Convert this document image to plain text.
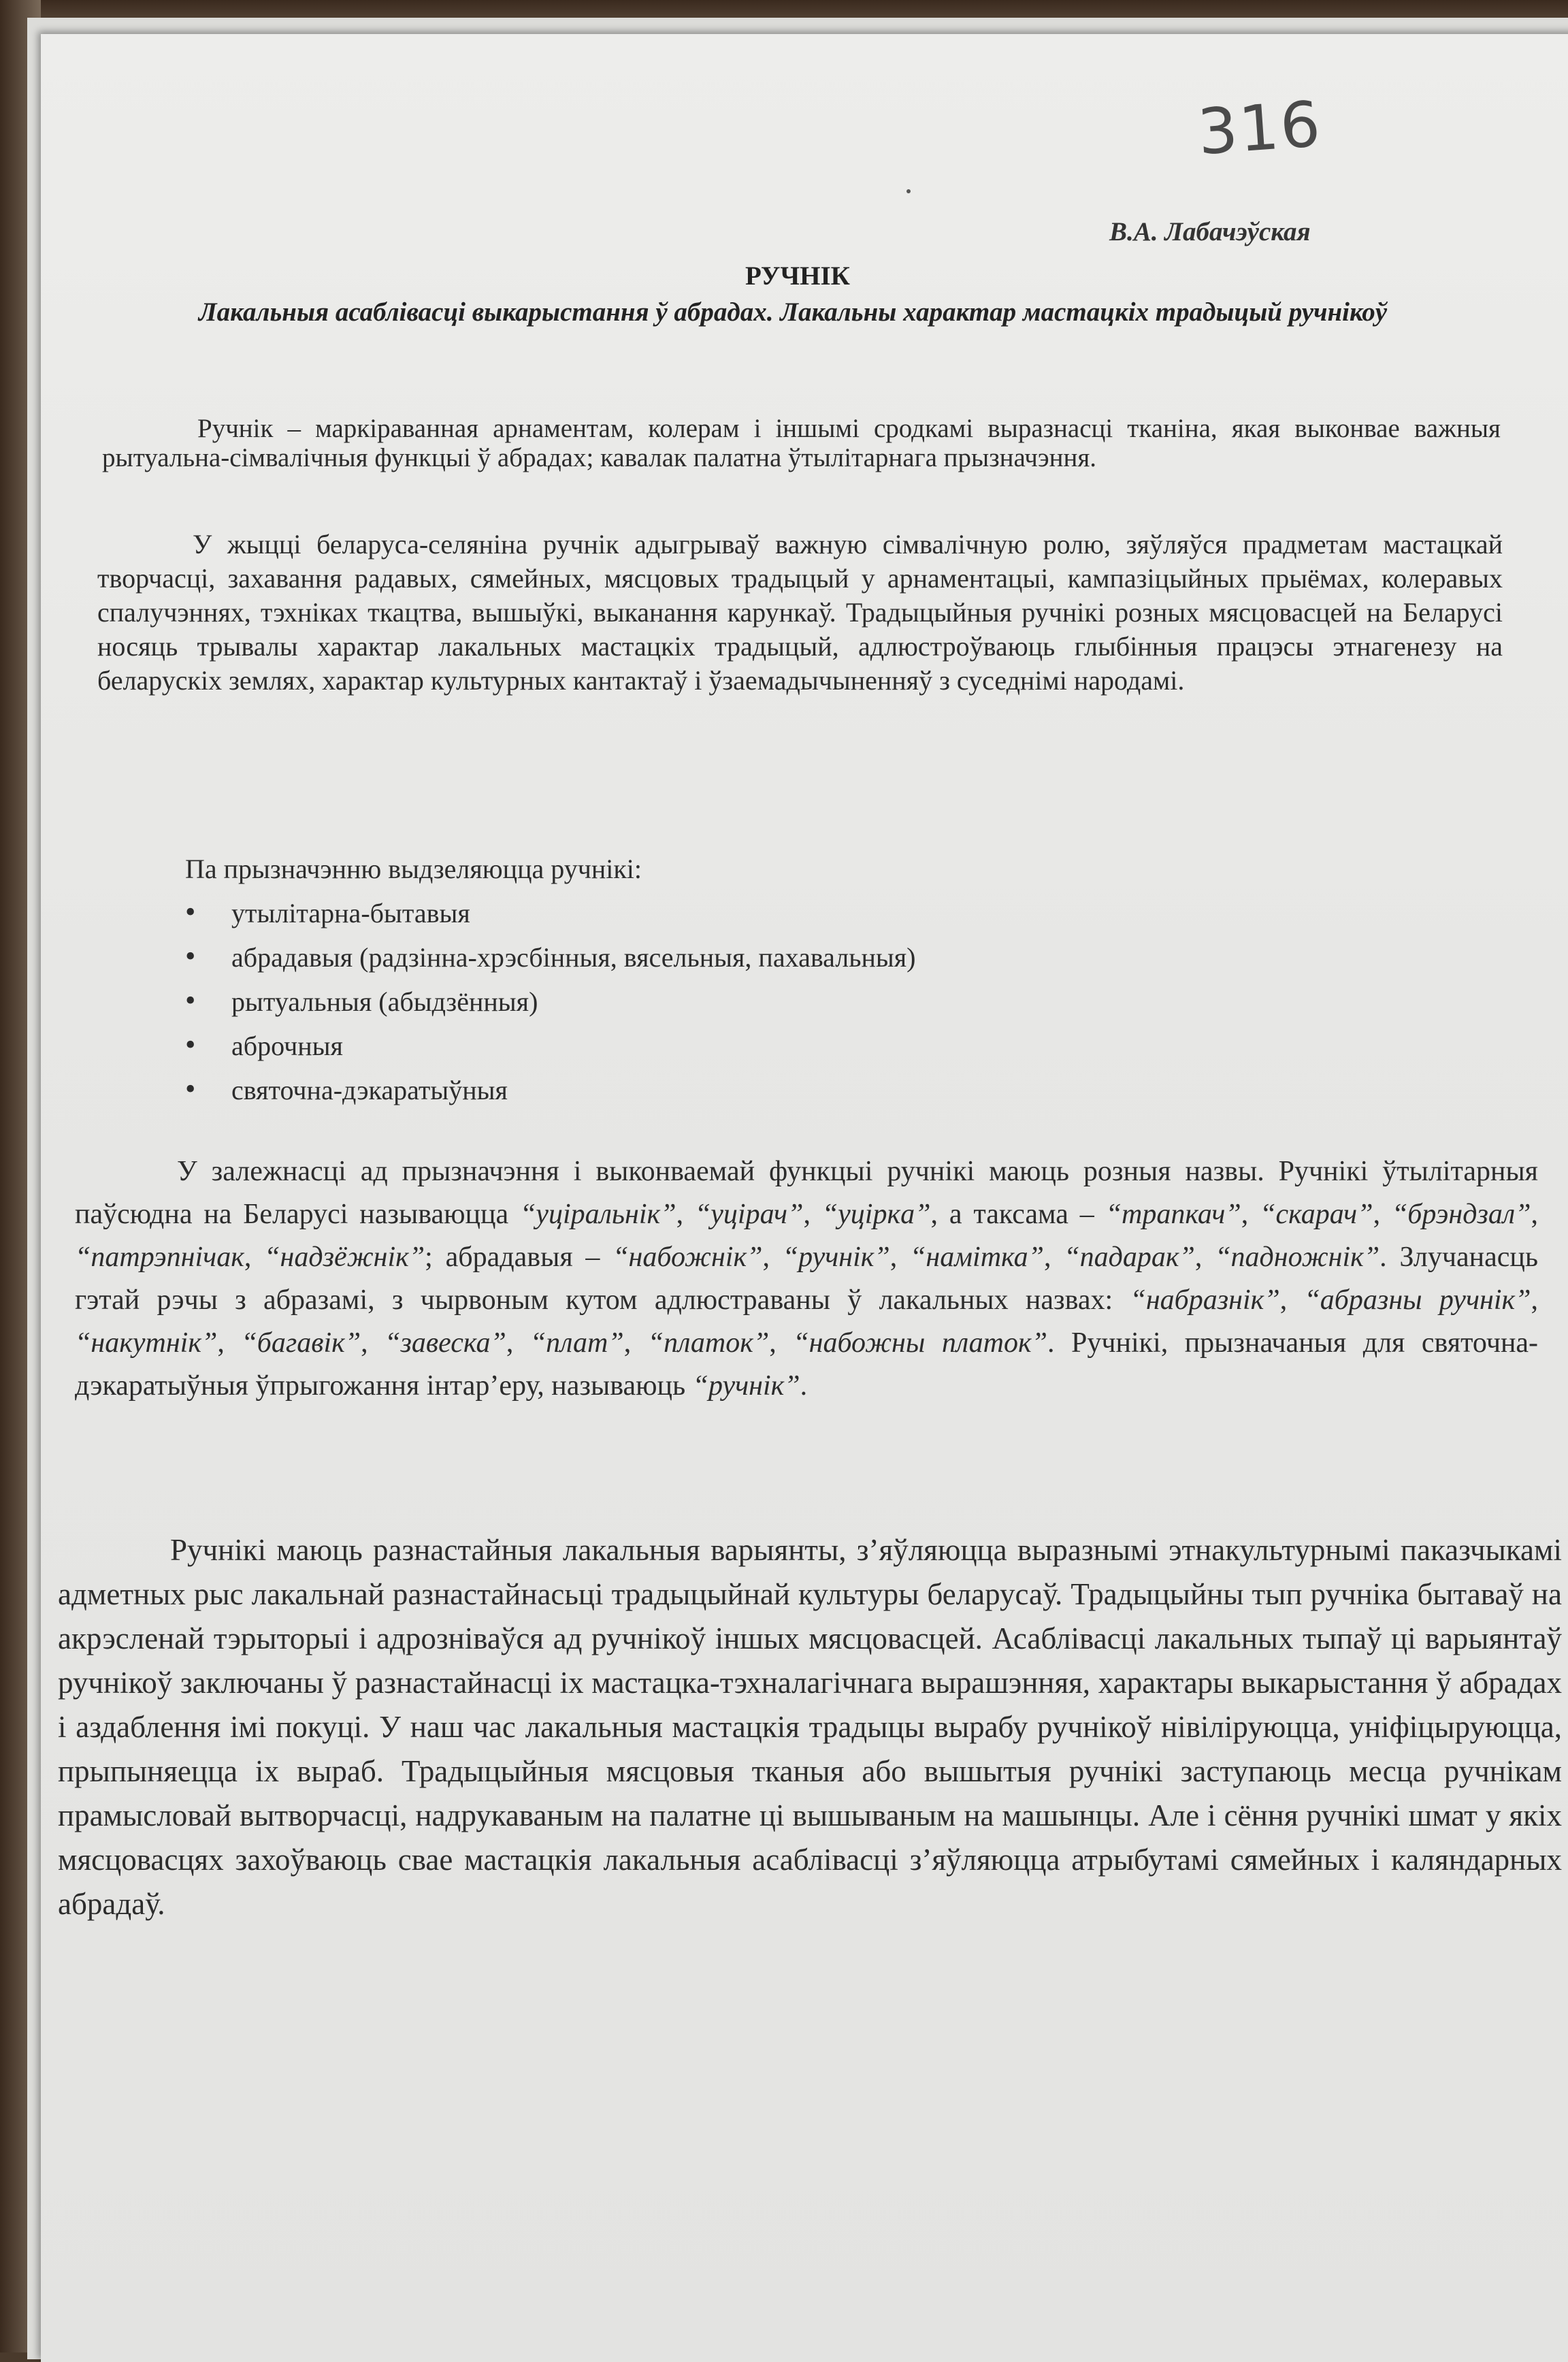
316
В.А. Лабачэўская
РУЧНІК
Лакальныя асаблівасці выкарыстання ў абрадах. Лакальны характар мастацкіх традыцый ручнікоў
Ручнік – маркіраванная арнаментам, колерам і іншымі сродкамі выразнасці тканіна, якая выконвае важныя рытуальна-сімвалічныя функцыі ў абрадах; кавалак палатна ўтылітарнага прызначэння.
У жыцці беларуса-селяніна ручнік адыгрываў важную сімвалічную ролю, зяўляўся прадметам мастацкай творчасці, захавання радавых, сямейных, мясцовых традыцый у арнаментацыі, кампазіцыйных прыёмах, колеравых спалучэннях, тэхніках ткацтва, вышыўкі, выканання карункаў. Традыцыйныя ручнікі розных мясцовасцей на Беларусі носяць трывалы характар лакальных мастацкіх традыцый, адлюстроўваюць глыбінныя працэсы этнагенезу на беларускіх землях, характар культурных кантактаў і ўзаемадычыненняў з суседнімі народамі.
Па прызначэнню выдзеляюцца ручнікі:
• утылітарна-бытавыя
• абрадавыя (радзінна-хрэсбінныя, вясельныя, пахавальныя)
• рытуальныя (абыдзённыя)
• аброчныя
• святочна-дэкаратыўныя
У залежнасці ад прызначэння і выконваемай функцыі ручнікі маюць розныя назвы. Ручнікі ўтылітарныя паўсюдна на Беларусі называюцца “уціральнік”, “уцірач”, “уціркa”, а таксама – “трапкач”, “скарач”, “брэндзал”, “патрэпнічак, “надзёжнік”; абрадавыя – “набожнік”, “ручнік”, “намітка”, “падарак”, “падножнік”. Злучанасць гэтай рэчы з абразамі, з чырвоным кутом адлюстраваны ў лакальных назвах: “набразнік”, “абразны ручнік”, “накутнік”, “багавік”, “завеска”, “плат”, “платок”, “набожны платок”. Ручнікі, прызначаныя для святочна-дэкаратыўныя ўпрыгожання інтар’еру, называюць “ручнік”.
Ручнікі маюць разнастайныя лакальныя варыянты, з’яўляюцца выразнымі этнакультурнымі паказчыкамі адметных рыс лакальнай разнастайнасьці традыцыйнай культуры беларусаў. Традыцыйны тып ручніка бытаваў на акрэсленай тэрыторыі і адрозніваўся ад ручнікоў іншых мясцовасцей. Асаблівасці лакальных тыпаў ці варыянтаў ручнікоў заключаны ў разнастайнасці іх мастацка-тэхналагічнага вырашэнняя, характары выкарыстання ў абрадах і аздаблення імі покуці. У наш час лакальныя мастацкія традыцы вырабу ручнікоў нівіліруюцца, уніфіцыруюцца, прыпыняецца іх выраб. Традыцыйныя мясцовыя тканыя або вышытыя ручнікі заступаюць месца ручнікам прамысловай вытворчасці, надрукаваным на палатне ці вышываным на машынцы. Але і сёння ручнікі шмат у якіх мясцовасцях захоўваюць свае мастацкія лакальныя асаблівасці з’яўляюцца атрыбутамі сямейных і каляндарных абрадаў.
